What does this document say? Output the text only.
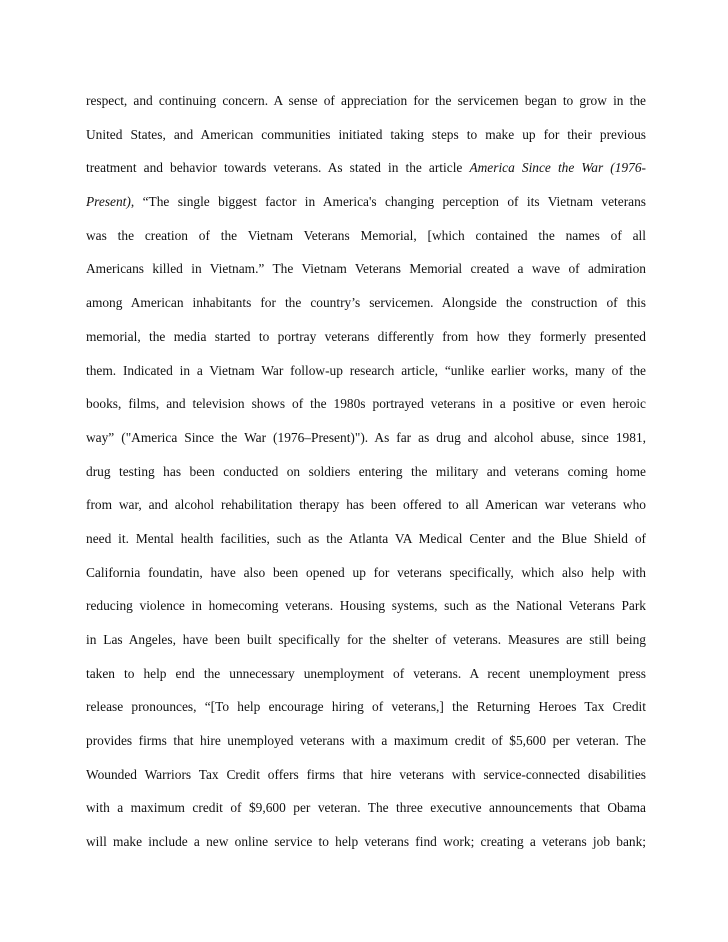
respect, and continuing concern. A sense of appreciation for the servicemen began to grow in the
United States, and American communities initiated taking steps to make up for their previous
treatment and behavior towards veterans. As stated in the article America Since the War (1976-
Present), “The single biggest factor in America's changing perception of its Vietnam veterans
was the creation of the Vietnam Veterans Memorial, [which contained the names of all
Americans killed in Vietnam.” The Vietnam Veterans Memorial created a wave of admiration
among American inhabitants for the country’s servicemen. Alongside the construction of this
memorial, the media started to portray veterans differently from how they formerly presented
them. Indicated in a Vietnam War follow-up research article, “unlike earlier works, many of the
books, films, and television shows of the 1980s portrayed veterans in a positive or even heroic
way” ("America Since the War (1976–Present)"). As far as drug and alcohol abuse, since 1981,
drug testing has been conducted on soldiers entering the military and veterans coming home
from war, and alcohol rehabilitation therapy has been offered to all American war veterans who
need it. Mental health facilities, such as the Atlanta VA Medical Center and the Blue Shield of
California foundatin, have also been opened up for veterans specifically, which also help with
reducing violence in homecoming veterans. Housing systems, such as the National Veterans Park
in Las Angeles, have been built specifically for the shelter of veterans. Measures are still being
taken to help end the unnecessary unemployment of veterans. A recent unemployment press
release pronounces, “[To help encourage hiring of veterans,] the Returning Heroes Tax Credit
provides firms that hire unemployed veterans with a maximum credit of $5,600 per veteran. The
Wounded Warriors Tax Credit offers firms that hire veterans with service-connected disabilities
with a maximum credit of $9,600 per veteran. The three executive announcements that Obama
will make include a new online service to help veterans find work; creating a veterans job bank;
